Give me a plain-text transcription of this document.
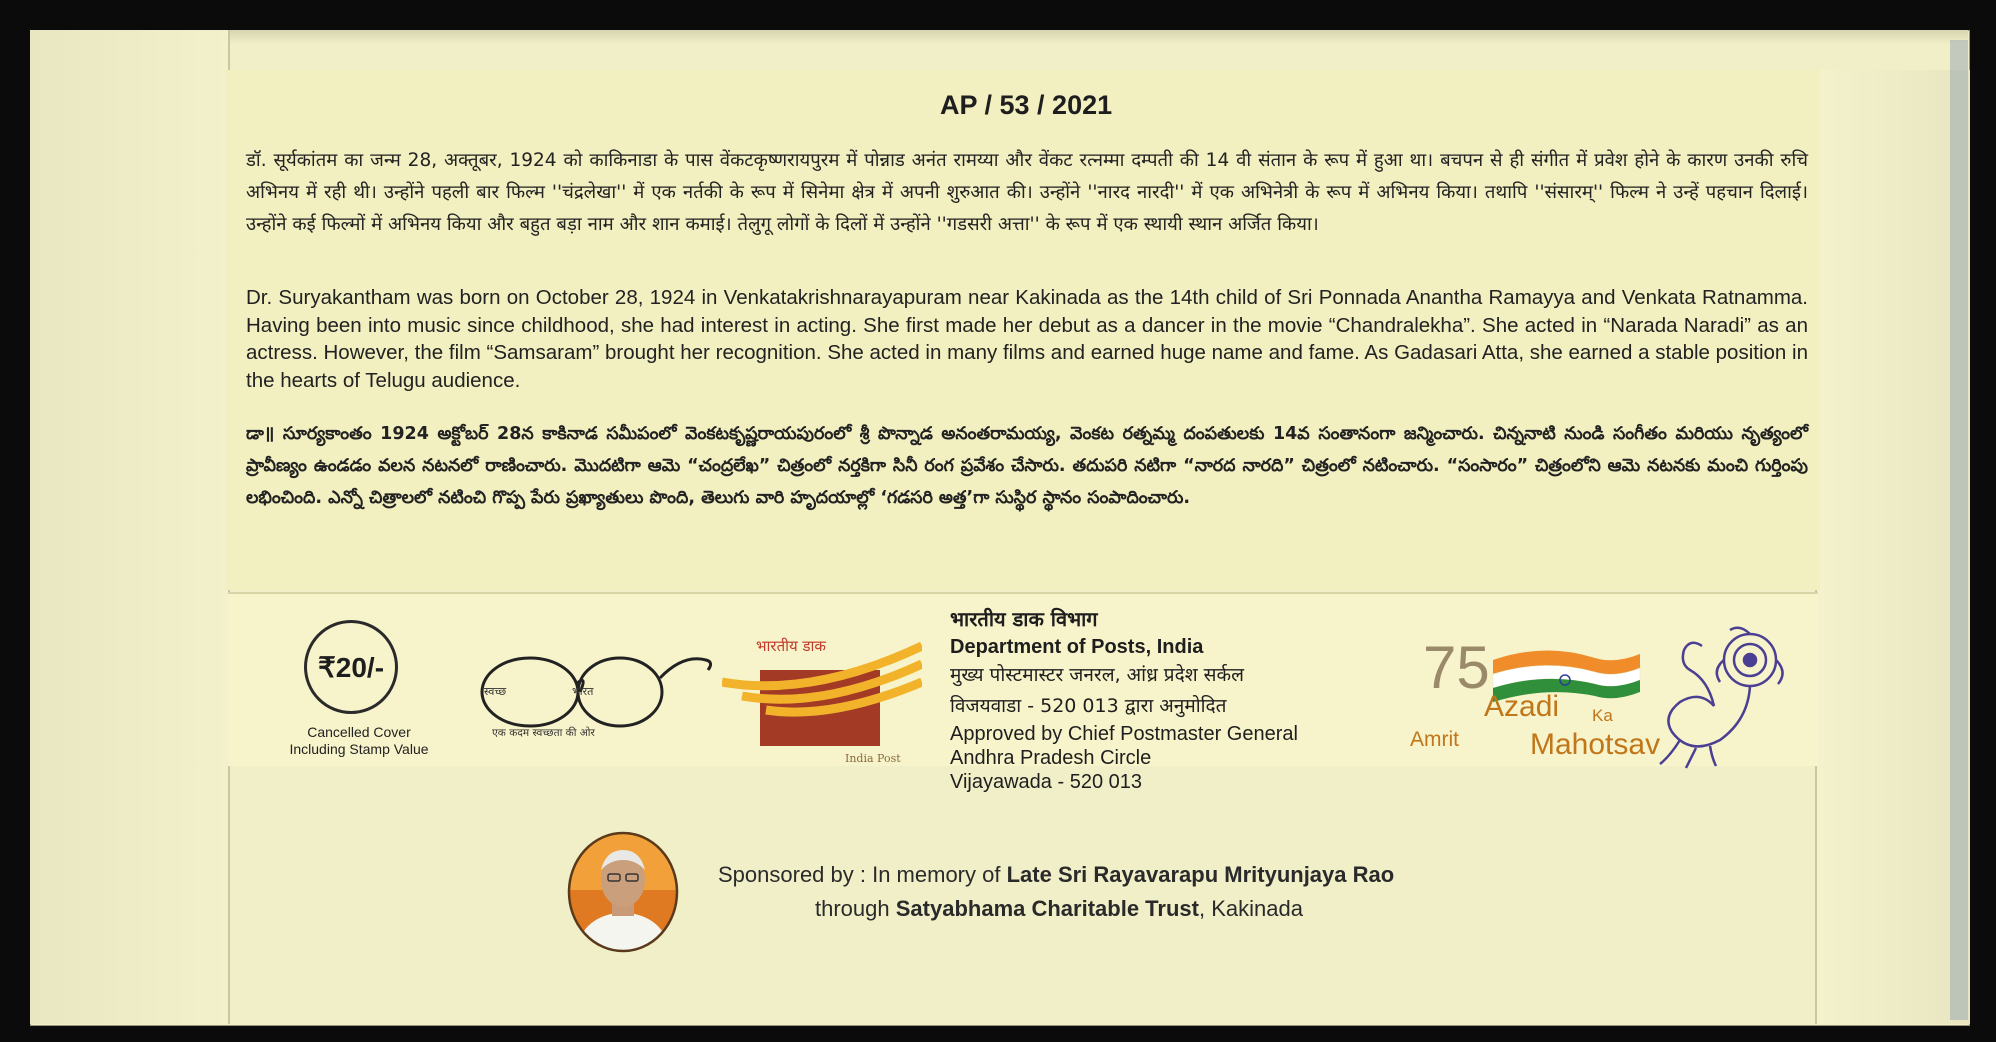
AP / 53 / 2021
डॉ. सूर्यकांतम का जन्म 28, अक्तूबर, 1924 को काकिनाडा के पास वेंकटकृष्णरायपुरम में पोन्नाड अनंत रामय्या और वेंकट रत्नम्मा दम्पती की 14 वी संतान के रूप में हुआ था। बचपन से ही संगीत में प्रवेश होने के कारण उनकी रुचि अभिनय में रही थी। उन्होंने पहली बार फिल्म ''चंद्रलेखा'' में एक नर्तकी के रूप में सिनेमा क्षेत्र में अपनी शुरुआत की। उन्होंने ''नारद नारदी'' में एक अभिनेत्री के रूप में अभिनय किया। तथापि ''संसारम्'' फिल्म ने उन्हें पहचान दिलाई। उन्होंने कई फिल्मों में अभिनय किया और बहुत बड़ा नाम और शान कमाई। तेलुगू लोगों के दिलों में उन्होंने ''गडसरी अत्ता'' के रूप में एक स्थायी स्थान अर्जित किया।
Dr. Suryakantham was born on October 28, 1924 in Venkatakrishnarayapuram near Kakinada as the 14th child of Sri Ponnada Anantha Ramayya and Venkata Ratnamma. Having been into music since childhood, she had interest in acting. She first made her debut as a dancer in the movie “Chandralekha”. She acted in “Narada Naradi” as an actress. However, the film “Samsaram” brought her recognition. She acted in many films and earned huge name and fame. As Gadasari Atta, she earned a stable position in the hearts of Telugu audience.
డా॥ సూర్యకాంతం 1924 అక్టోబర్ 28న కాకినాడ సమీపంలో వెంకటకృష్ణరాయపురంలో శ్రీ పొన్నాడ అనంతరామయ్య, వెంకట రత్నమ్మ దంపతులకు 14వ సంతానంగా జన్మించారు. చిన్ననాటి నుండి సంగీతం మరియు నృత్యంలో ప్రావీణ్యం ఉండడం వలన నటనలో రాణించారు. మొదటిగా ఆమె “చంద్రలేఖ” చిత్రంలో నర్తకిగా సినీ రంగ ప్రవేశం చేసారు. తదుపరి నటిగా “నారద నారది” చిత్రంలో నటించారు. “సంసారం” చిత్రంలోని ఆమె నటనకు మంచి గుర్తింపు లభించింది. ఎన్నో చిత్రాలలో నటించి గొప్ప పేరు ప్రఖ్యాతులు పొంది, తెలుగు వారి హృదయాల్లో ‘గడసరి అత్త’గా సుస్థిర స్థానం సంపాదించారు.
₹20/-
Cancelled Cover
Including Stamp Value
स्वच्छ	भारत
एक कदम स्वच्छता की ओर
भारतीय डाक
India Post
भारतीय डाक विभाग
Department of Posts, India
मुख्य पोस्टमास्टर जनरल, आंध्र प्रदेश सर्कल
विजयवाडा - 520 013 द्वारा अनुमोदित
Approved by Chief Postmaster General
Andhra Pradesh Circle
Vijayawada - 520 013
75
Azadi Ka
Amrit Mahotsav
Sponsored by : In memory of Late Sri Rayavarapu Mrityunjaya Rao
through Satyabhama Charitable Trust, Kakinada
